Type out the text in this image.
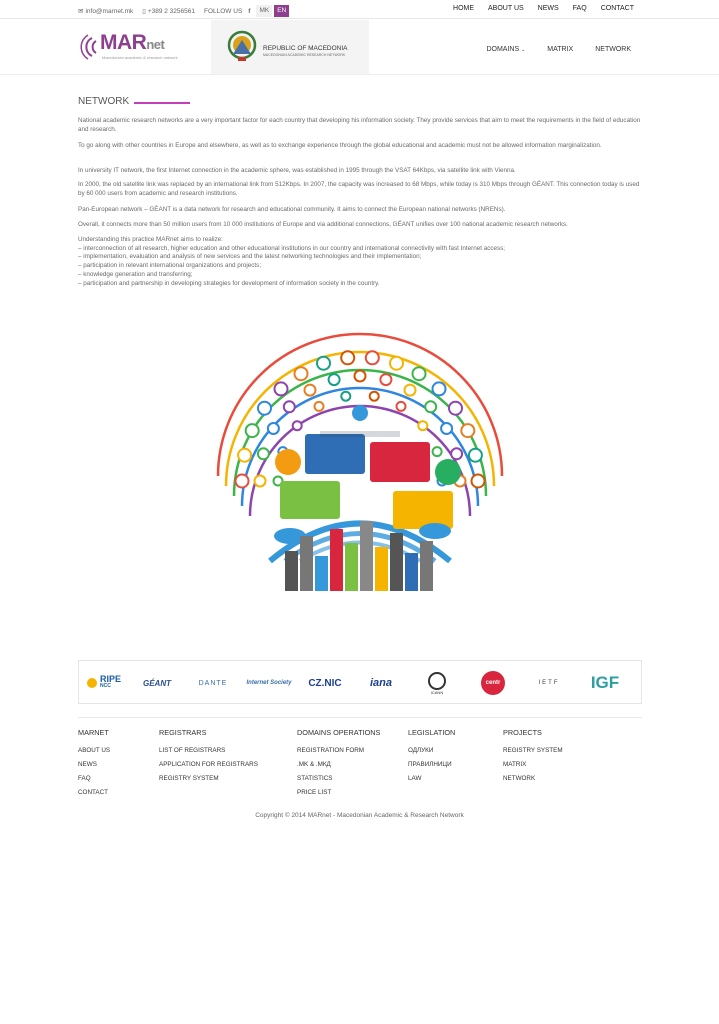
✉ info@marnet.mk ▯ +389 2 3256561 FOLLOW US f	MK	EN	HOME ABOUT US NEWS FAQ CONTACT
MARnet
Macedonian academic & research network
REPUBLIC OF MACEDONIA
MACEDONIAN ACADEMIC RESEARCH NETWORK
DOMAINS ⌄	MATRIX	NETWORK
NETWORK

National academic research networks are a very important factor for each country that developing his information society. They provide services that aim to meet the requirements in the field of education and research.

To go along with other countries in Europe and elsewhere, as well as to exchange experience through the global educational and academic must not be allowed information marginalization.

In university IT network, the first Internet connection in the academic sphere, was established in 1995 through the VSAT 64Kbps, via satellite link with Vienna.

In 2000, the old satellite link was replaced by an international link from 512Kbps. In 2007, the capacity was increased to 68 Mbps, while today is 310 Mbps through GÉANT. This connection today is used by 60 000 users from academic and research institutions.

Pan-European network – GÉANT is a data network for research and educational community. It aims to connect the European national networks (NRENs).

Overall, it connects more than 50 million users from 10 000 institutions of Europe and via additional connections, GÉANT unifies over 100 national academic research networks.

Understanding this practice MARnet aims to realize:
– interconnection of all research, higher education and other educational institutions in our country and international connectivity with fast Internet access;
– implementation, evaluation and analysis of new services and the latest networking technologies and their implementation;
– participation in relevant international organizations and projects;
– knowledge generation and transferring;
– participation and partnership in developing strategies for development of information society in the country.
RIPE
NCC	GÉANT	DANTE	Internet Society	CZ.NIC	iana
ICANN
centr	IETF	IGF
MARNET
ABOUT US
NEWS
FAQ
CONTACT
REGISTRARS
LIST OF REGISTRARS
APPLICATION FOR REGISTRARS
REGISTRY SYSTEM
DOMAINS OPERATIONS
REGISTRATION FORM
.MK & .МКД
STATISTICS
PRICE LIST
LEGISLATION
ОДЛУКИ
ПРАВИЛНИЦИ
LAW
PROJECTS
REGISTRY SYSTEM
MATRIX
NETWORK
Copyright © 2014 MARnet - Macedonian Academic & Research Network
